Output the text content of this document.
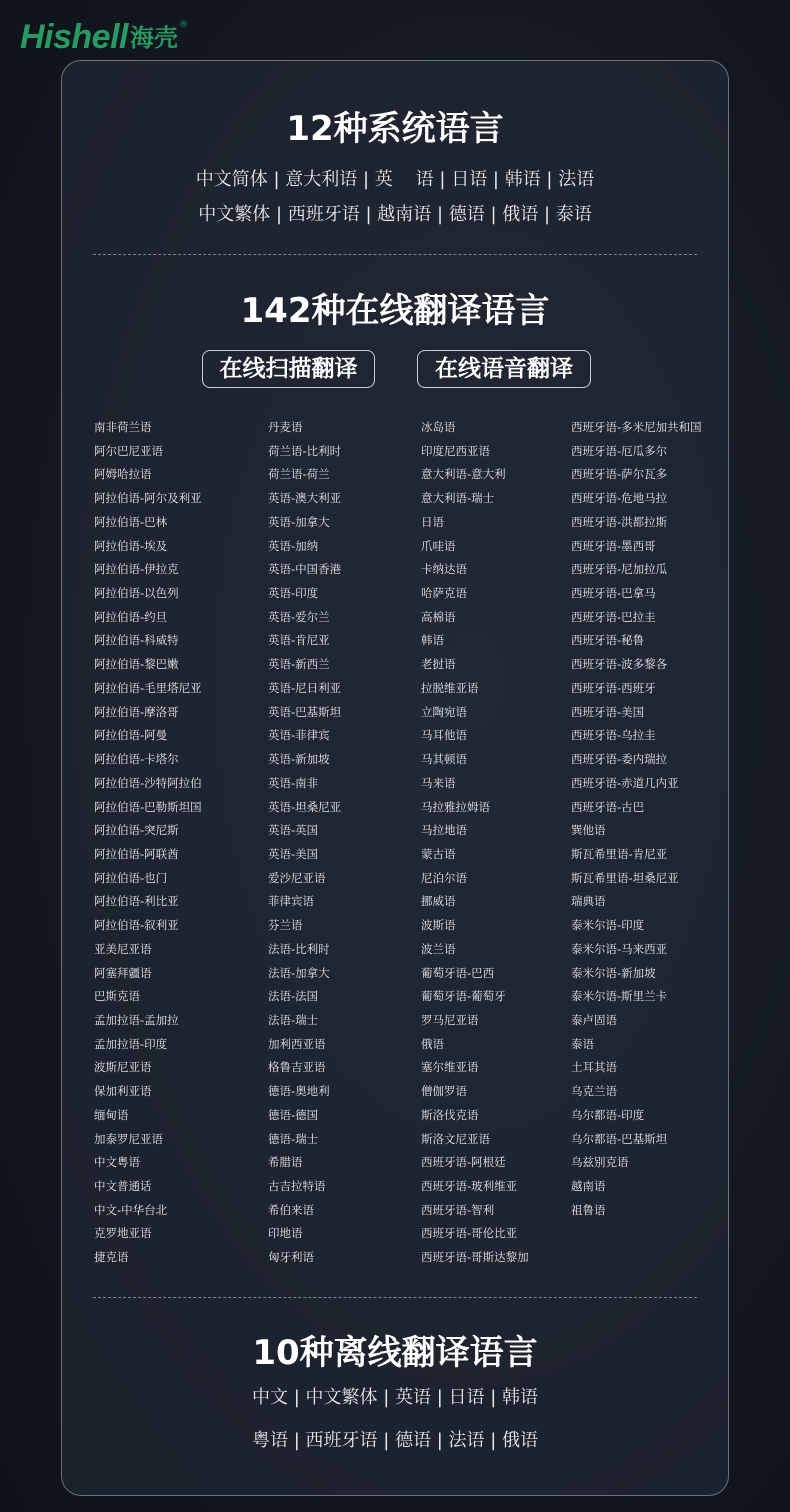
Hishell 海壳 ®
12种系统语言
中文简体 | 意大利语 | 英    语 | 日语 | 韩语 | 法语
中文繁体 | 西班牙语 | 越南语 | 德语 | 俄语 | 泰语
142种在线翻译语言
在线扫描翻译	在线语音翻译
南非荷兰语
阿尔巴尼亚语
阿姆哈拉语
阿拉伯语-阿尔及利亚
阿拉伯语-巴林
阿拉伯语-埃及
阿拉伯语-伊拉克
阿拉伯语-以色列
阿拉伯语-约旦
阿拉伯语-科威特
阿拉伯语-黎巴嫩
阿拉伯语-毛里塔尼亚
阿拉伯语-摩洛哥
阿拉伯语-阿曼
阿拉伯语-卡塔尔
阿拉伯语-沙特阿拉伯
阿拉伯语-巴勒斯坦国
阿拉伯语-突尼斯
阿拉伯语-阿联酋
阿拉伯语-也门
阿拉伯语-利比亚
阿拉伯语-叙利亚
亚美尼亚语
阿塞拜疆语
巴斯克语
孟加拉语-孟加拉
孟加拉语-印度
波斯尼亚语
保加利亚语
缅甸语
加泰罗尼亚语
中文粤语
中文普通话
中文-中华台北
克罗地亚语
捷克语
丹麦语
荷兰语-比利时
荷兰语-荷兰
英语-澳大利亚
英语-加拿大
英语-加纳
英语-中国香港
英语-印度
英语-爱尔兰
英语-肯尼亚
英语-新西兰
英语-尼日利亚
英语-巴基斯坦
英语-菲律宾
英语-新加坡
英语-南非
英语-坦桑尼亚
英语-英国
英语-美国
爱沙尼亚语
菲律宾语
芬兰语
法语-比利时
法语-加拿大
法语-法国
法语-瑞士
加利西亚语
格鲁吉亚语
德语-奥地利
德语-德国
德语-瑞士
希腊语
古吉拉特语
希伯来语
印地语
匈牙利语
冰岛语
印度尼西亚语
意大利语-意大利
意大利语-瑞士
日语
爪哇语
卡纳达语
哈萨克语
高棉语
韩语
老挝语
拉脱维亚语
立陶宛语
马耳他语
马其顿语
马来语
马拉雅拉姆语
马拉地语
蒙古语
尼泊尔语
挪威语
波斯语
波兰语
葡萄牙语-巴西
葡萄牙语-葡萄牙
罗马尼亚语
俄语
塞尔维亚语
僧伽罗语
斯洛伐克语
斯洛文尼亚语
西班牙语-阿根廷
西班牙语-玻利维亚
西班牙语-智利
西班牙语-哥伦比亚
西班牙语-哥斯达黎加
西班牙语-多米尼加共和国
西班牙语-厄瓜多尔
西班牙语-萨尔瓦多
西班牙语-危地马拉
西班牙语-洪都拉斯
西班牙语-墨西哥
西班牙语-尼加拉瓜
西班牙语-巴拿马
西班牙语-巴拉圭
西班牙语-秘鲁
西班牙语-波多黎各
西班牙语-西班牙
西班牙语-美国
西班牙语-乌拉圭
西班牙语-委内瑞拉
西班牙语-赤道几内亚
西班牙语-古巴
巽他语
斯瓦希里语-肯尼亚
斯瓦希里语-坦桑尼亚
瑞典语
泰米尔语-印度
泰米尔语-马来西亚
泰米尔语-新加坡
泰米尔语-斯里兰卡
泰卢固语
泰语
土耳其语
乌克兰语
乌尔都语-印度
乌尔都语-巴基斯坦
乌兹别克语
越南语
祖鲁语
10种离线翻译语言
中文 | 中文繁体 | 英语 | 日语 | 韩语
粤语 | 西班牙语 | 德语 | 法语 | 俄语
